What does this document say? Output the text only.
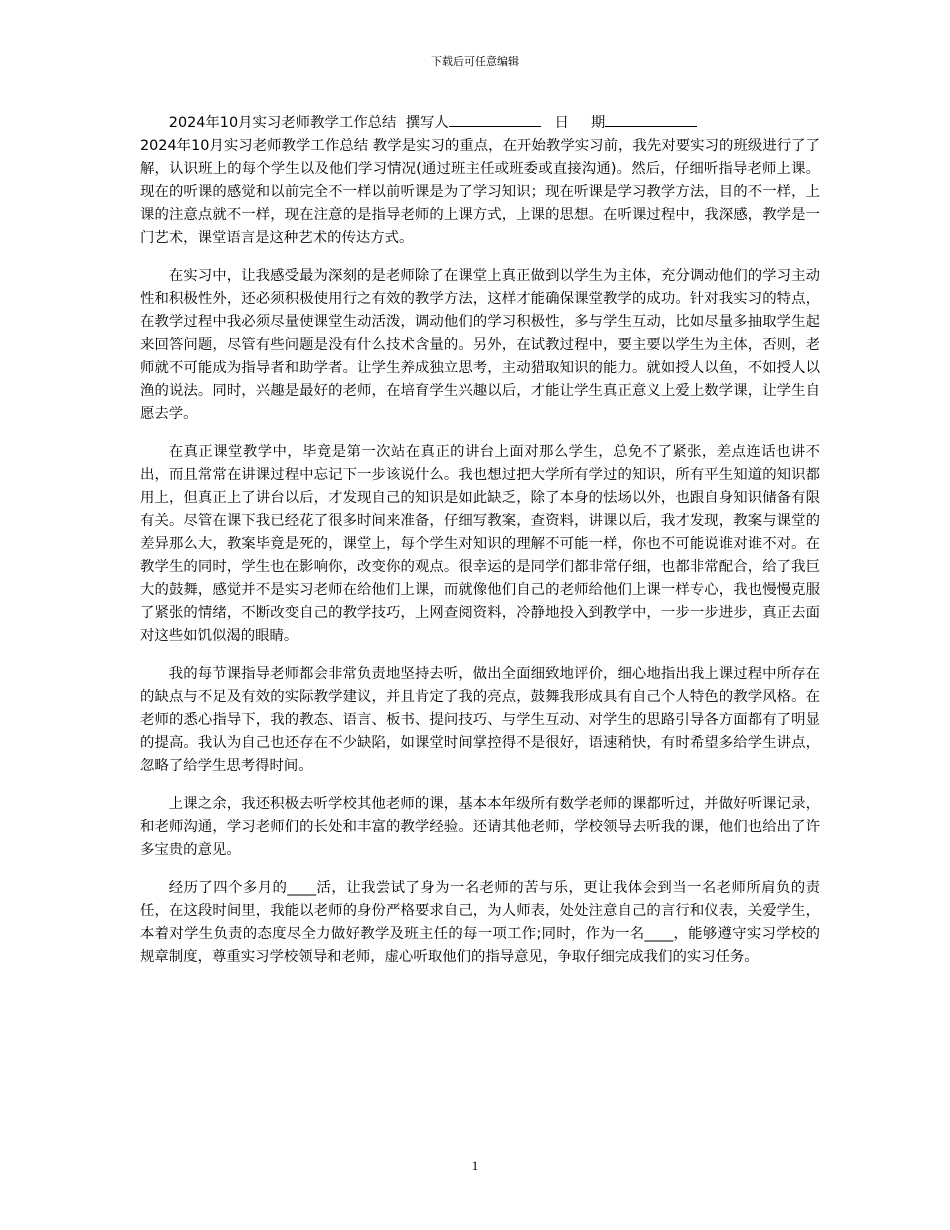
下载后可任意编辑

2024年10月实习老师教学工作总结 撰写人	日 期
2024年10月实习老师教学工作总结 教学是实习的重点，在开始教学实习前，我先对要实习的班级进行了了解，认识班上的每个学生以及他们学习情况(通过班主任或班委或直接沟通)。然后，仔细听指导老师上课。现在的听课的感觉和以前完全不一样以前听课是为了学习知识；现在听课是学习教学方法，目的不一样，上课的注意点就不一样，现在注意的是指导老师的上课方式，上课的思想。在听课过程中，我深感，教学是一门艺术，课堂语言是这种艺术的传达方式。

在实习中，让我感受最为深刻的是老师除了在课堂上真正做到以学生为主体，充分调动他们的学习主动性和积极性外，还必须积极使用行之有效的教学方法，这样才能确保课堂教学的成功。针对我实习的特点，在教学过程中我必须尽量使课堂生动活泼，调动他们的学习积极性，多与学生互动，比如尽量多抽取学生起来回答问题，尽管有些问题是没有什么技术含量的。另外，在试教过程中，要主要以学生为主体，否则，老师就不可能成为指导者和助学者。让学生养成独立思考，主动猎取知识的能力。就如授人以鱼，不如授人以渔的说法。同时，兴趣是最好的老师，在培育学生兴趣以后，才能让学生真正意义上爱上数学课，让学生自愿去学。

在真正课堂教学中，毕竟是第一次站在真正的讲台上面对那么学生，总免不了紧张，差点连话也讲不出，而且常常在讲课过程中忘记下一步该说什么。我也想过把大学所有学过的知识，所有平生知道的知识都用上，但真正上了讲台以后，才发现自己的知识是如此缺乏，除了本身的怯场以外，也跟自身知识储备有限有关。尽管在课下我已经花了很多时间来准备，仔细写教案，查资料，讲课以后，我才发现，教案与课堂的差异那么大，教案毕竟是死的，课堂上，每个学生对知识的理解不可能一样，你也不可能说谁对谁不对。在教学生的同时，学生也在影响你，改变你的观点。很幸运的是同学们都非常仔细，也都非常配合，给了我巨大的鼓舞，感觉并不是实习老师在给他们上课，而就像他们自己的老师给他们上课一样专心，我也慢慢克服了紧张的情绪，不断改变自己的教学技巧，上网查阅资料，冷静地投入到教学中，一步一步进步，真正去面对这些如饥似渴的眼睛。

我的每节课指导老师都会非常负责地坚持去听，做出全面细致地评价，细心地指出我上课过程中所存在的缺点与不足及有效的实际教学建议，并且肯定了我的亮点，鼓舞我形成具有自己个人特色的教学风格。在老师的悉心指导下，我的教态、语言、板书、提问技巧、与学生互动、对学生的思路引导各方面都有了明显的提高。我认为自己也还存在不少缺陷，如课堂时间掌控得不是很好，语速稍快，有时希望多给学生讲点，忽略了给学生思考得时间。

上课之余，我还积极去听学校其他老师的课，基本本年级所有数学老师的课都听过，并做好听课记录，和老师沟通，学习老师们的长处和丰富的教学经验。还请其他老师，学校领导去听我的课，他们也给出了许多宝贵的意见。

经历了四个多月的____活，让我尝试了身为一名老师的苦与乐，更让我体会到当一名老师所肩负的责任，在这段时间里，我能以老师的身份严格要求自己，为人师表，处处注意自己的言行和仪表，关爱学生，本着对学生负责的态度尽全力做好教学及班主任的每一项工作;同时，作为一名____，能够遵守实习学校的规章制度，尊重实习学校领导和老师，虚心听取他们的指导意见，争取仔细完成我们的实习任务。

1
